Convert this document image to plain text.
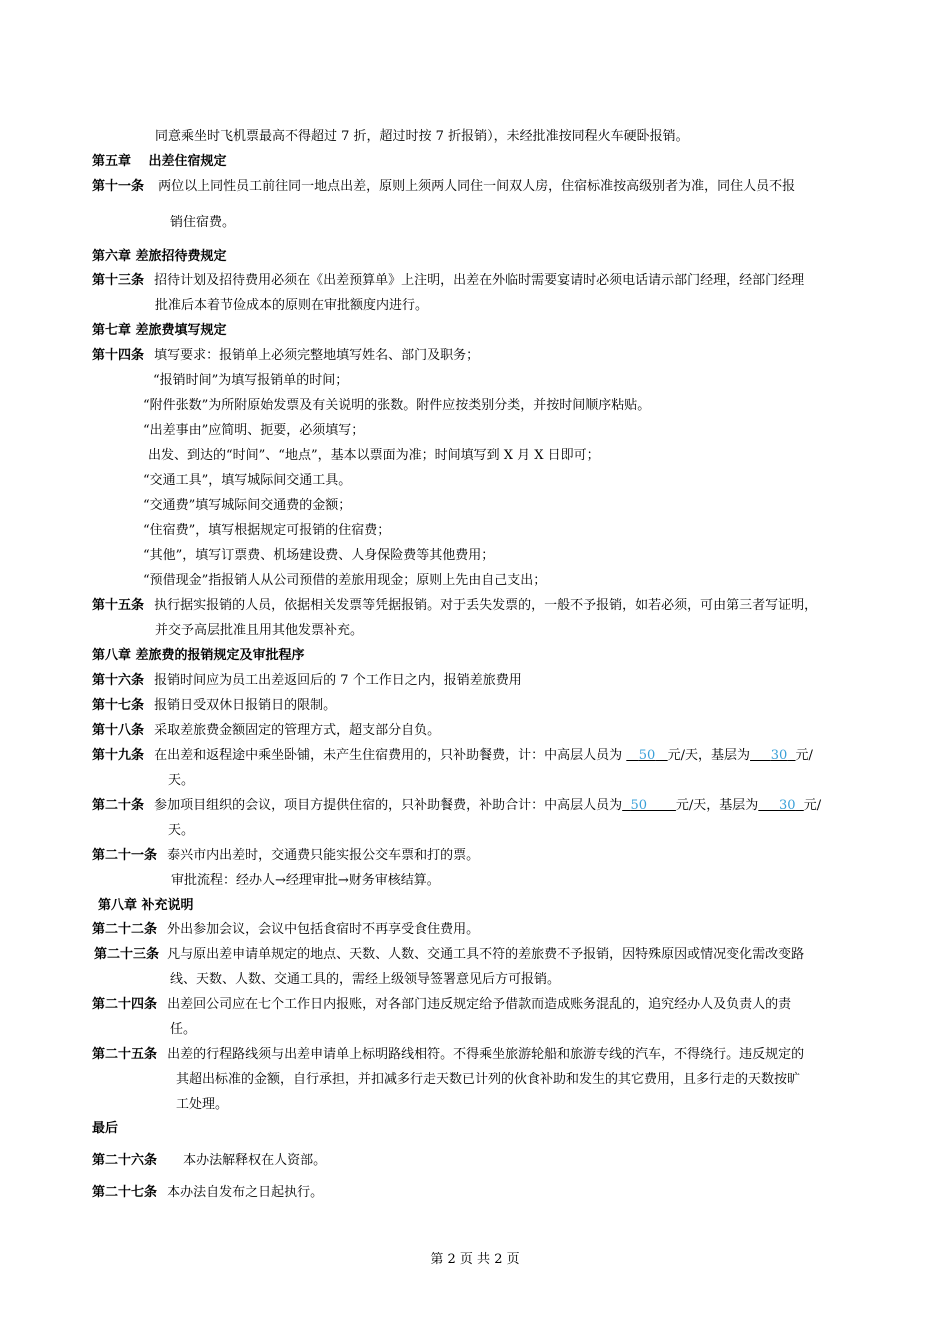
同意乘坐时飞机票最高不得超过 7 折，超过时按 7 折报销），未经批准按同程火车硬卧报销。
第五章　 出差住宿规定
第十一条 两位以上同性员工前往同一地点出差，原则上须两人同住一间双人房，住宿标准按高级别者为准，同住人员不报
销住宿费。
第六章 差旅招待费规定
第十三条 招待计划及招待费用必须在《出差预算单》上注明，出差在外临时需要宴请时必须电话请示部门经理，经部门经理
批准后本着节俭成本的原则在审批额度内进行。
第七章 差旅费填写规定
第十四条 填写要求：报销单上必须完整地填写姓名、部门及职务；
“报销时间”为填写报销单的时间；
“附件张数”为所附原始发票及有关说明的张数。附件应按类别分类，并按时间顺序粘贴。
“出差事由”应简明、扼要，必须填写；
出发、到达的“时间”、“地点”，基本以票面为准；时间填写到 X 月 X 日即可；
“交通工具”，填写城际间交通工具。
“交通费”填写城际间交通费的金额；
“住宿费”，填写根据规定可报销的住宿费；
“其他”，填写订票费、机场建设费、人身保险费等其他费用；
“预借现金”指报销人从公司预借的差旅用现金；原则上先由自己支出；
第十五条 执行据实报销的人员，依据相关发票等凭据报销。对于丢失发票的，一般不予报销，如若必须，可由第三者写证明，
并交予高层批准且用其他发票补充。
第八章 差旅费的报销规定及审批程序
第十六条 报销时间应为员工出差返回后的 7 个工作日之内，报销差旅费用
第十七条 报销日受双休日报销日的限制。
第十八条 采取差旅费金额固定的管理方式，超支部分自负。
第十九条 在出差和返程途中乘坐卧铺，未产生住宿费用的，只补助餐费，计：中高层人员为    50 元/天，基层为 30 元/
天。
第二十条 参加项目组织的会议，项目方提供住宿的，只补助餐费，补助合计：中高层人员为 50 元/天，基层为 30 元/
天。
第二十一条 泰兴市内出差时，交通费只能实报公交车票和打的票。
审批流程：经办人→经理审批→财务审核结算。
第八章 补充说明
第二十二条 外出参加会议，会议中包括食宿时不再享受食住费用。
第二十三条 凡与原出差申请单规定的地点、天数、人数、交通工具不符的差旅费不予报销，因特殊原因或情况变化需改变路
线、天数、人数、交通工具的，需经上级领导签署意见后方可报销。
第二十四条 出差回公司应在七个工作日内报账，对各部门违反规定给予借款而造成账务混乱的，追究经办人及负责人的责
任。
第二十五条 出差的行程路线须与出差申请单上标明路线相符。不得乘坐旅游轮船和旅游专线的汽车，不得绕行。违反规定的
其超出标准的金额，自行承担，并扣减多行走天数已计列的伙食补助和发生的其它费用，且多行走的天数按旷
工处理。
最后
第二十六条 本办法解释权在人资部。
第二十七条 本办法自发布之日起执行。
第 2 页 共 2 页
